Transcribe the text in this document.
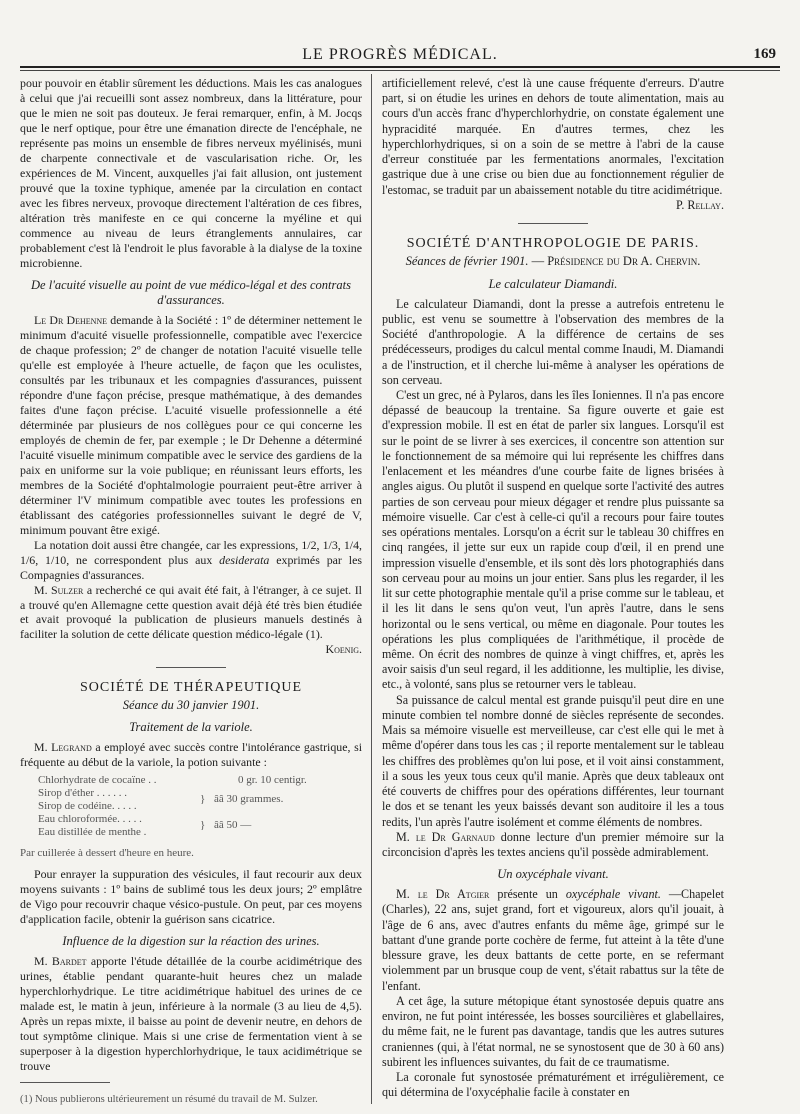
LE PROGRÈS MÉDICAL.	169

pour pouvoir en établir sûrement les déductions. Mais les cas analogues à celui que j'ai recueilli sont assez nombreux, dans la littérature, pour que le mien ne soit pas douteux. Je ferai remarquer, enfin, à M. Jocqs que le nerf optique, pour être une émanation directe de l'encéphale, ne représente pas moins un ensemble de fibres nerveux myélinisés, muni de charpente connectivale et de vascularisation riche. Or, les expériences de M. Vincent, auxquelles j'ai fait allusion, ont justement prouvé que la toxine typhique, amenée par la circulation en contact avec les fibres nerveux, provoque directement l'altération de ces fibres, altération très manifeste en ce qui concerne la myéline et qui commence au niveau de leurs étranglements annulaires, car probablement c'est là l'endroit le plus favorable à la dialyse de la toxine microbienne.

De l'acuité visuelle au point de vue médico-légal et des contrats d'assurances.

Le Dr Dehenne demande à la Société : 1º de déterminer nettement le minimum d'acuité visuelle professionnelle, compatible avec l'exercice de chaque profession; 2º de changer de notation l'acuité visuelle telle qu'elle est employée à l'heure actuelle, de façon que les oculistes, consultés par les tribunaux et les compagnies d'assurances, puissent répondre d'une façon précise, presque mathématique, à des demandes faites d'une façon précise. L'acuité visuelle professionnelle a été déterminée par plusieurs de nos collègues pour ce qui concerne les employés de chemin de fer, par exemple ; le Dr Dehenne a déterminé l'acuité visuelle minimum compatible avec le service des gardiens de la paix en uniforme sur la voie publique; en réunissant leurs efforts, les membres de la Société d'ophtalmologie pourraient peut-être arriver à déterminer l'V minimum compatible avec toutes les professions en établissant des catégories professionnelles suivant le degré de V, minimum pouvant être exigé.

La notation doit aussi être changée, car les expressions, 1/2, 1/3, 1/4, 1/6, 1/10, ne correspondent plus aux desiderata exprimés par les Compagnies d'assurances.

M. Sulzer a recherché ce qui avait été fait, à l'étranger, à ce sujet. Il a trouvé qu'en Allemagne cette question avait déjà été très bien étudiée et avait provoqué la publication de plusieurs manuels destinés à faciliter la solution de cette délicate question médico-légale (1).

Koenig.

SOCIÉTÉ DE THÉRAPEUTIQUE

Séance du 30 janvier 1901.

Traitement de la variole.

M. Legrand a employé avec succès contre l'intolérance gastrique, si fréquente au début de la variole, la potion suivante :

Chlorhydrate de cocaïne . .	0 gr. 10 centigr.
Sirop d'éther . . . . . .
Sirop de codéine. . . . .
} ââ 30 grammes.
Eau chloroformée. . . . .
Eau distillée de menthe .
} ââ 50 —

Par cuillerée à dessert d'heure en heure.

Pour enrayer la suppuration des vésicules, il faut recourir aux deux moyens suivants : 1º bains de sublimé tous les deux jours; 2º emplâtre de Vigo pour recouvrir chaque vésico-pustule. On peut, par ces moyens d'application facile, obtenir la guérison sans cicatrice.

Influence de la digestion sur la réaction des urines.

M. Bardet apporte l'étude détaillée de la courbe acidimétrique des urines, établie pendant quarante-huit heures chez un malade hyperchlorhydrique. Le titre acidimétrique habituel des urines de ce malade est, le matin à jeun, inférieure à la normale (3 au lieu de 4,5). Après un repas mixte, il baisse au point de devenir neutre, en dehors de tout symptôme clinique. Mais si une crise de fermentation vient à se superposer à la digestion hyperchlorhydrique, le taux acidimétrique se trouve

(1) Nous publierons ultérieurement un résumé du travail de M. Sulzer.

artificiellement relevé, c'est là une cause fréquente d'erreurs. D'autre part, si on étudie les urines en dehors de toute alimentation, mais au cours d'un accès franc d'hyperchlorhydrie, on constate également une hypracidité marquée. En d'autres termes, chez les hyperchlorhydriques, si on a soin de se mettre à l'abri de la cause d'erreur constituée par les fermentations anormales, l'excitation gastrique due à une crise ou bien due au fonctionnement régulier de l'estomac, se traduit par un abaissement notable du titre acidimétrique.

P. Rellay.

SOCIÉTÉ D'ANTHROPOLOGIE DE PARIS.

Séances de février 1901. — Présidence du Dr A. Chervin.

Le calculateur Diamandi.

Le calculateur Diamandi, dont la presse a autrefois entretenu le public, est venu se soumettre à l'observation des membres de la Société d'anthropologie. A la différence de certains de ses prédécesseurs, prodiges du calcul mental comme Inaudi, M. Diamandi a de l'instruction, et il cherche lui-même à analyser les opérations de son cerveau.

C'est un grec, né à Pylaros, dans les îles Ioniennes. Il n'a pas encore dépassé de beaucoup la trentaine. Sa figure ouverte et gaie est d'expression mobile. Il est en état de parler six langues. Lorsqu'il est sur le point de se livrer à ses exercices, il concentre son attention sur le fonctionnement de sa mémoire qui lui représente les chiffres dans l'enlacement et les méandres d'une courbe faite de lignes brisées à angles aigus. Ou plutôt il suspend en quelque sorte l'activité des autres parties de son cerveau pour mieux dégager et rendre plus puissante sa mémoire visuelle. Car c'est à celle-ci qu'il a recours pour faire toutes ses opérations mentales. Lorsqu'on a écrit sur le tableau 30 chiffres en cinq rangées, il jette sur eux un rapide coup d'œil, il en prend une impression visuelle d'ensemble, et ils sont dès lors photographiés dans son cerveau pour au moins un jour entier. Sans plus les regarder, il les lit sur cette photographie mentale qu'il a prise comme sur le tableau, et il les lit dans le sens qu'on veut, l'un après l'autre, dans le sens horizontal ou le sens vertical, ou même en diagonale. Pour toutes les opérations les plus compliquées de l'arithmétique, il procède de même. On écrit des nombres de quinze à vingt chiffres, et, après les avoir saisis d'un seul regard, il les additionne, les multiplie, les divise, etc., à volonté, sans plus se retourner vers le tableau.

Sa puissance de calcul mental est grande puisqu'il peut dire en une minute combien tel nombre donné de siècles représente de secondes. Mais sa mémoire visuelle est merveilleuse, car c'est elle qui le met à même d'opérer dans tous les cas ; il reporte mentalement sur le tableau les chiffres des problèmes qu'on lui pose, et il voit ainsi constamment, il a sous les yeux tous ceux qu'il manie. Après que deux tableaux ont été couverts de chiffres pour des opérations différentes, leur tournant le dos et se tenant les yeux baissés devant son auditoire il les a tous redits, l'un après l'autre isolément et comme éléments de nombres.

M. le Dr Garnaud donne lecture d'un premier mémoire sur la circoncision d'après les textes anciens qu'il possède admirablement.

Un oxycéphale vivant.

M. le Dr Atgier présente un oxycéphale vivant. —Chapelet (Charles), 22 ans, sujet grand, fort et vigoureux, alors qu'il jouait, à l'âge de 6 ans, avec d'autres enfants du même âge, grimpé sur le battant d'une grande porte cochère de ferme, fut atteint à la tête d'une blessure grave, les deux battants de cette porte, en se refermant violemment par un brusque coup de vent, s'était rabattus sur la tête de l'enfant.

A cet âge, la suture métopique étant synostosée depuis quatre ans environ, ne fut point intéressée, les bosses sourcilières et glabellaires, du même fait, ne le furent pas davantage, tandis que les autres sutures craniennes (qui, à l'état normal, ne se synostosent que de 30 à 60 ans) subirent les influences suivantes, du fait de ce traumatisme.

La coronale fut synostosée prématurément et irrégulièrement, ce qui détermina de l'oxycéphalie facile à constater en
